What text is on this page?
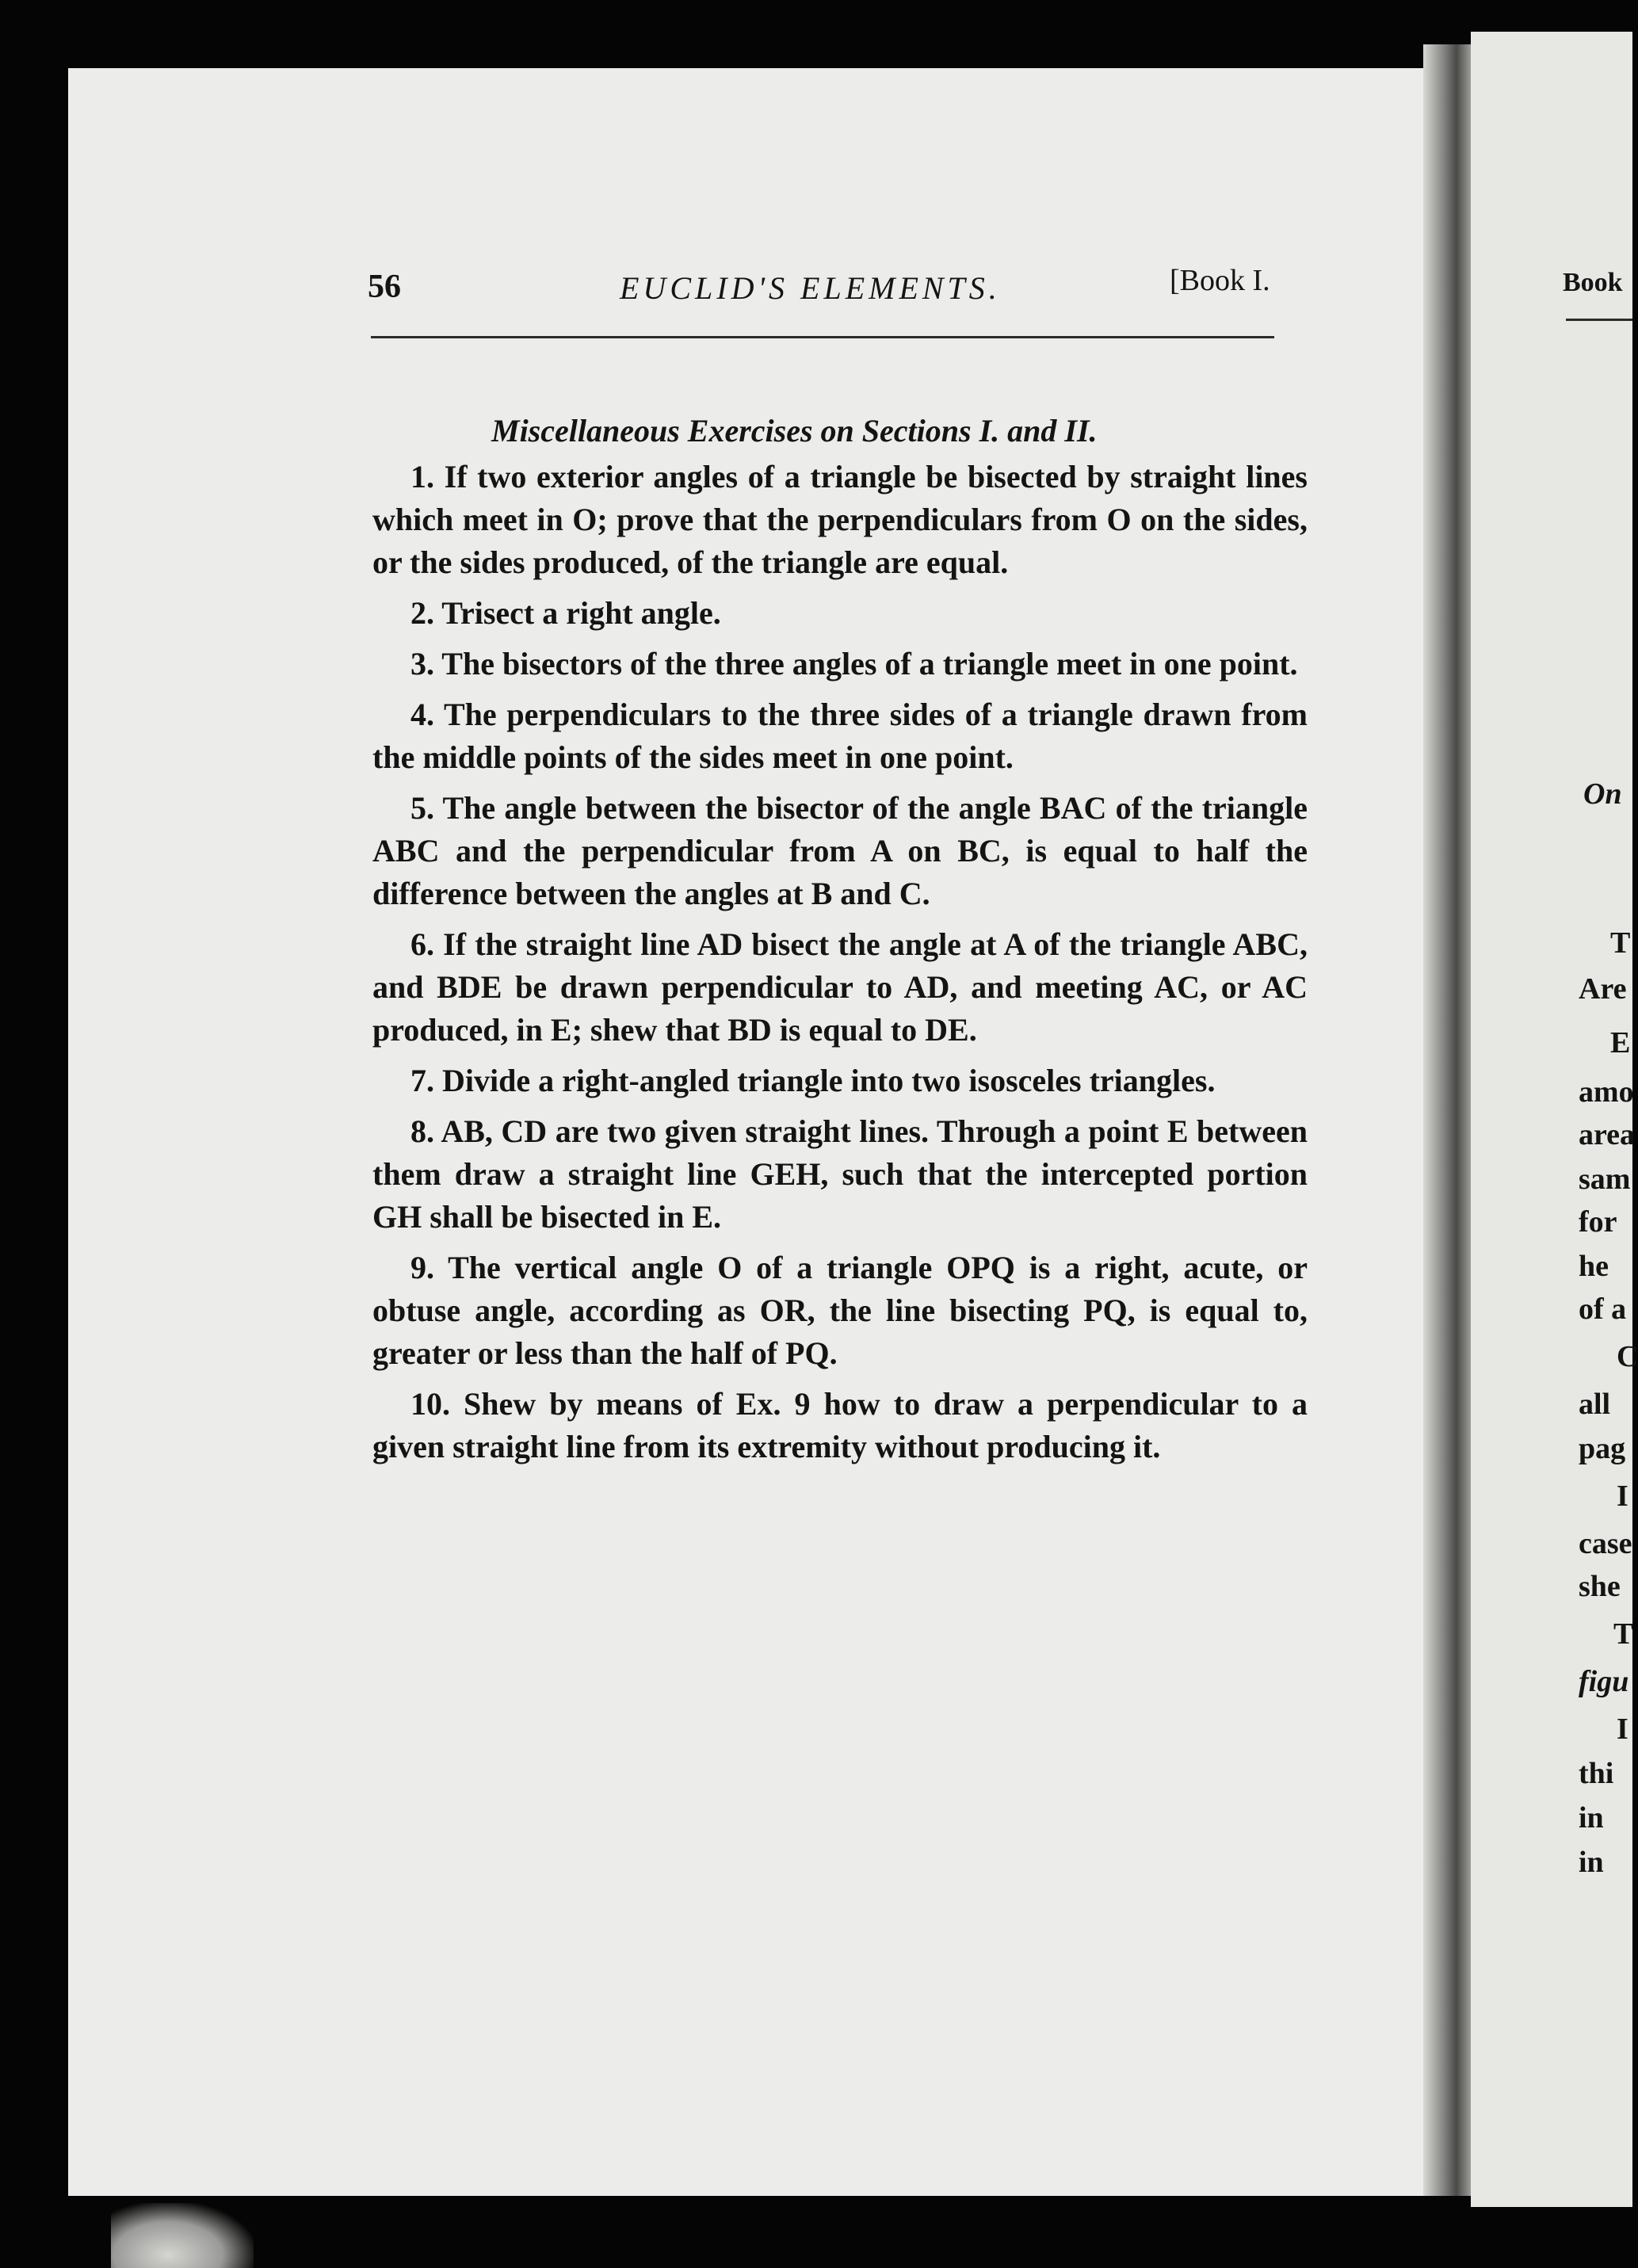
56	EUCLID'S ELEMENTS.	[Book I.
Miscellaneous Exercises on Sections I. and II.

1. If two exterior angles of a triangle be bisected by straight lines which meet in O; prove that the perpendiculars from O on the sides, or the sides produced, of the triangle are equal.

2. Trisect a right angle.

3. The bisectors of the three angles of a triangle meet in one point.

4. The perpendiculars to the three sides of a triangle drawn from the middle points of the sides meet in one point.

5. The angle between the bisector of the angle BAC of the triangle ABC and the perpendicular from A on BC, is equal to half the difference between the angles at B and C.

6. If the straight line AD bisect the angle at A of the triangle ABC, and BDE be drawn perpendicular to AD, and meeting AC, or AC produced, in E; shew that BD is equal to DE.

7. Divide a right-angled triangle into two isosceles triangles.

8. AB, CD are two given straight lines. Through a point E between them draw a straight line GEH, such that the intercepted portion GH shall be bisected in E.

9. The vertical angle O of a triangle OPQ is a right, acute, or obtuse angle, according as OR, the line bisecting PQ, is equal to, greater or less than the half of PQ.

10. Shew by means of Ex. 9 how to draw a perpendicular to a given straight line from its extremity without producing it.

Book
On
T
Are
E
amo
area
sam
for
he
of a
C
all
pag
I
case
she
T
figu
I
thi
in
in
